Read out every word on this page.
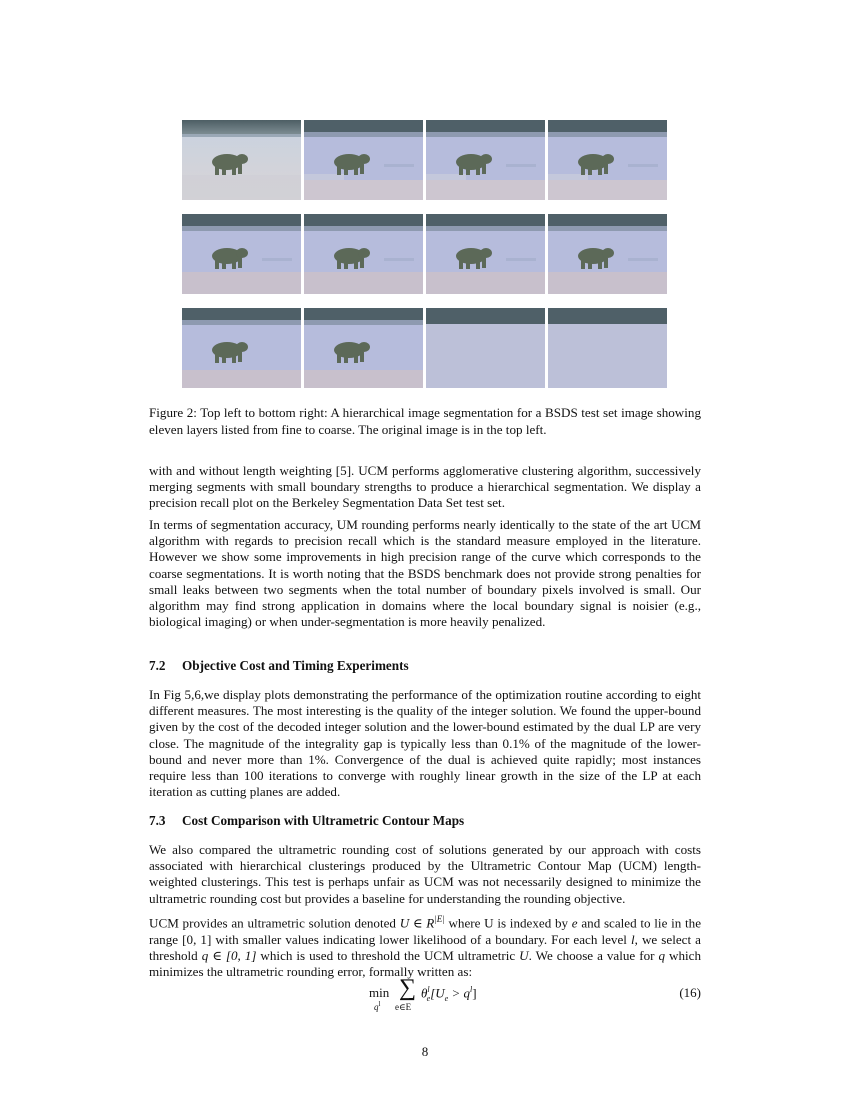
Figure 2: Top left to bottom right: A hierarchical image segmentation for a BSDS test set image showing eleven layers listed from fine to coarse. The original image is in the top left.

with and without length weighting [5]. UCM performs agglomerative clustering algorithm, successively merging segments with small boundary strengths to produce a hierarchical segmentation. We display a precision recall plot on the Berkeley Segmentation Data Set test set.

In terms of segmentation accuracy, UM rounding performs nearly identically to the state of the art UCM algorithm with regards to precision recall which is the standard measure employed in the literature. However we show some improvements in high precision range of the curve which corresponds to the coarse segmentations. It is worth noting that the BSDS benchmark does not provide strong penalties for small leaks between two segments when the total number of boundary pixels involved is small. Our algorithm may find strong application in domains where the local boundary signal is noisier (e.g., biological imaging) or when under-segmentation is more heavily penalized.

7.2 Objective Cost and Timing Experiments

In Fig 5,6,we display plots demonstrating the performance of the optimization routine according to eight different measures. The most interesting is the quality of the integer solution. We found the upper-bound given by the cost of the decoded integer solution and the lower-bound estimated by the dual LP are very close. The magnitude of the integrality gap is typically less than 0.1% of the magnitude of the lower-bound and never more than 1%. Convergence of the dual is achieved quite rapidly; most instances require less than 100 iterations to converge with roughly linear growth in the size of the LP at each iteration as cutting planes are added.

7.3 Cost Comparison with Ultrametric Contour Maps

We also compared the ultrametric rounding cost of solutions generated by our approach with costs associated with hierarchical clusterings produced by the Ultrametric Contour Map (UCM) length-weighted clusterings. This test is perhaps unfair as UCM was not necessarily designed to minimize the ultrametric rounding cost but provides a baseline for understanding the rounding objective.

UCM provides an ultrametric solution denoted U ∈ $R^{|E|}$ where U is indexed by e and scaled to lie in the range [0, 1] with smaller values indicating lower likelihood of a boundary. For each level l, we select a threshold q ∈ [0, 1] which is used to threshold the UCM ultrametric U. We choose a value for q which minimizes the ultrametric rounding error, formally written as:

min
$q^l$
∑
e∈E
$\theta^l_e[U_e > q^l]$	(16)
8
